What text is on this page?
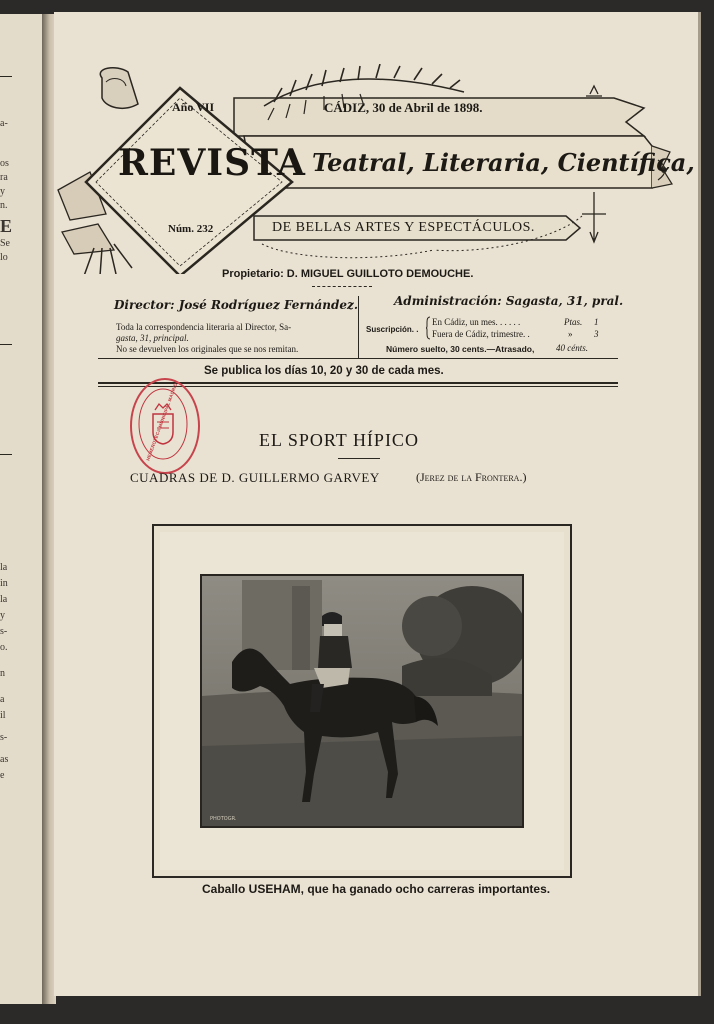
a-
os
ra
y
n.
E
Se
lo
la
in
la
y
s-
o.
n
a
il
s-
as
e
Año VII	CÁDIZ, 30 de Abril de 1898.
REVISTA Teatral, Literaria, Científica,
Núm. 232	DE BELLAS ARTES Y ESPECTÁCULOS.
Propietario: D. MIGUEL GUILLOTO DEMOUCHE.
Director: José Rodríguez Fernández.
Toda la correspondencia literaria al Director, Sa-
gasta, 31, principal.
No se devuelven los originales que se nos remitan.
Administración: Sagasta, 31, pral.
Suscripción. .
En Cádiz, un mes. . . . . .	Ptas. 1
Fuera de Cádiz, trimestre. .	» 3
Número suelto, 30 cents.—Atrasado, 40 cénts.
Se publica los días 10, 20 y 30 de cada mes.
HEMEROTECA MUNICIPAL MADRID	EL SPORT HÍPICO
CUADRAS DE D. GUILLERMO GARVEY	(Jerez de la Frontera.)
PHOTOGR.
Caballo USEHAM, que ha ganado ocho carreras importantes.
